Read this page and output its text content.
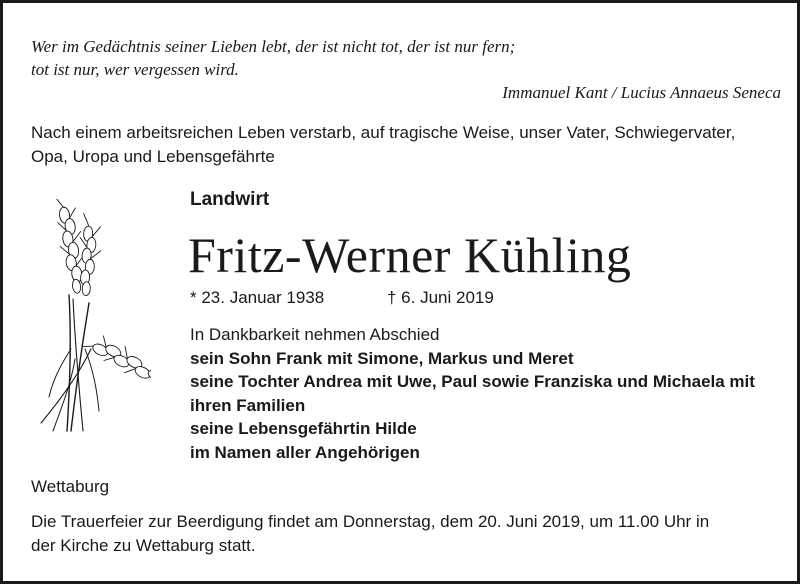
Wer im Gedächtnis seiner Lieben lebt, der ist nicht tot, der ist nur fern;
tot ist nur, wer vergessen wird.
Immanuel Kant / Lucius Annaeus Seneca
Nach einem arbeitsreichen Leben verstarb, auf tragische Weise, unser Vater, Schwiegervater,
Opa, Uropa und Lebensgefährte
Landwirt
Fritz-Werner Kühling
* 23. Januar 1938	† 6. Juni 2019
In Dankbarkeit nehmen Abschied
sein Sohn Frank mit Simone, Markus und Meret
seine Tochter Andrea mit Uwe, Paul sowie Franziska und Michaela mit
ihren Familien
seine Lebensgefährtin Hilde
im Namen aller Angehörigen
Wettaburg
Die Trauerfeier zur Beerdigung findet am Donnerstag, dem 20. Juni 2019, um 11.00 Uhr in
der Kirche zu Wettaburg statt.
